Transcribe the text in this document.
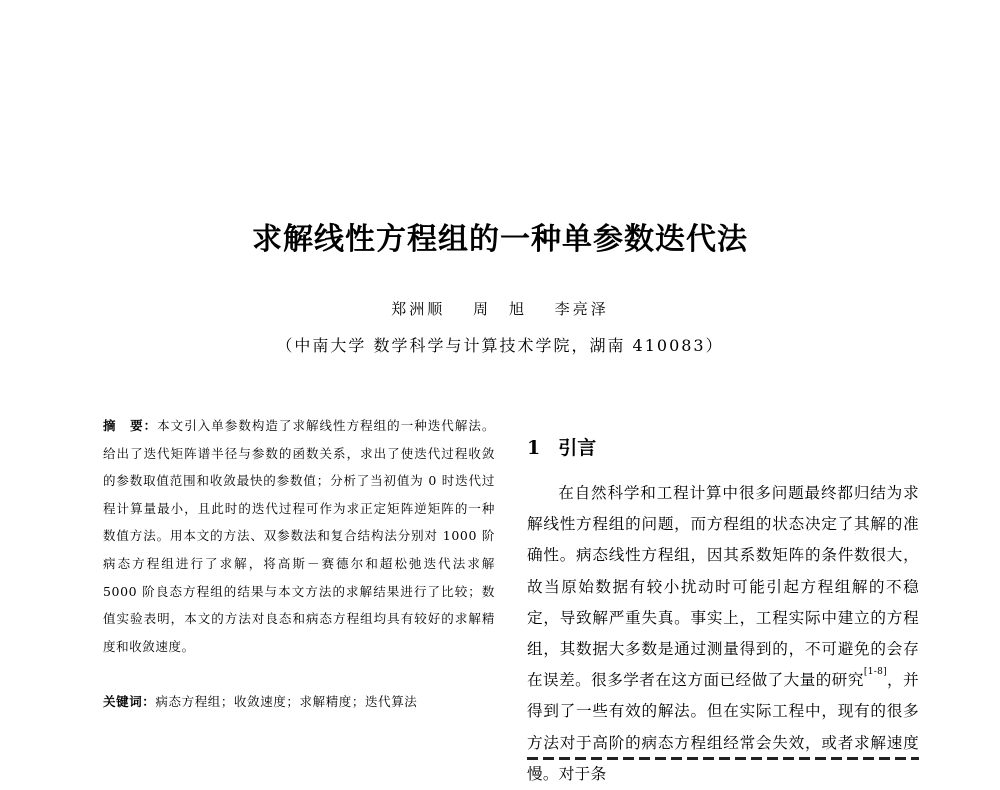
求解线性方程组的一种单参数迭代法

郑洲顺 周　旭 李亮泽

（中南大学 数学科学与计算技术学院，湖南 410083）

摘　要：本文引入单参数构造了求解线性方程组的一种迭代解法。给出了迭代矩阵谱半径与参数的函数关系，求出了使迭代过程收敛的参数取值范围和收敛最快的参数值；分析了当初值为 0 时迭代过程计算量最小，且此时的迭代过程可作为求正定矩阵逆矩阵的一种数值方法。用本文的方法、双参数法和复合结构法分别对 1000 阶病态方程组进行了求解，将高斯－赛德尔和超松弛迭代法求解 5000 阶良态方程组的结果与本文方法的求解结果进行了比较；数值实验表明，本文的方法对良态和病态方程组均具有较好的求解精度和收敛速度。

关键词：病态方程组；收敛速度；求解精度；迭代算法

1 引言

在自然科学和工程计算中很多问题最终都归结为求解线性方程组的问题，而方程组的状态决定了其解的准确性。病态线性方程组，因其系数矩阵的条件数很大，故当原始数据有较小扰动时可能引起方程组解的不稳定，导致解严重失真。事实上，工程实际中建立的方程组，其数据大多数是通过测量得到的，不可避免的会存在误差。很多学者在这方面已经做了大量的研究[1-8]，并得到了一些有效的解法。但在实际工程中，现有的很多方法对于高阶的病态方程组经常会失效，或者求解速度慢。对于条
